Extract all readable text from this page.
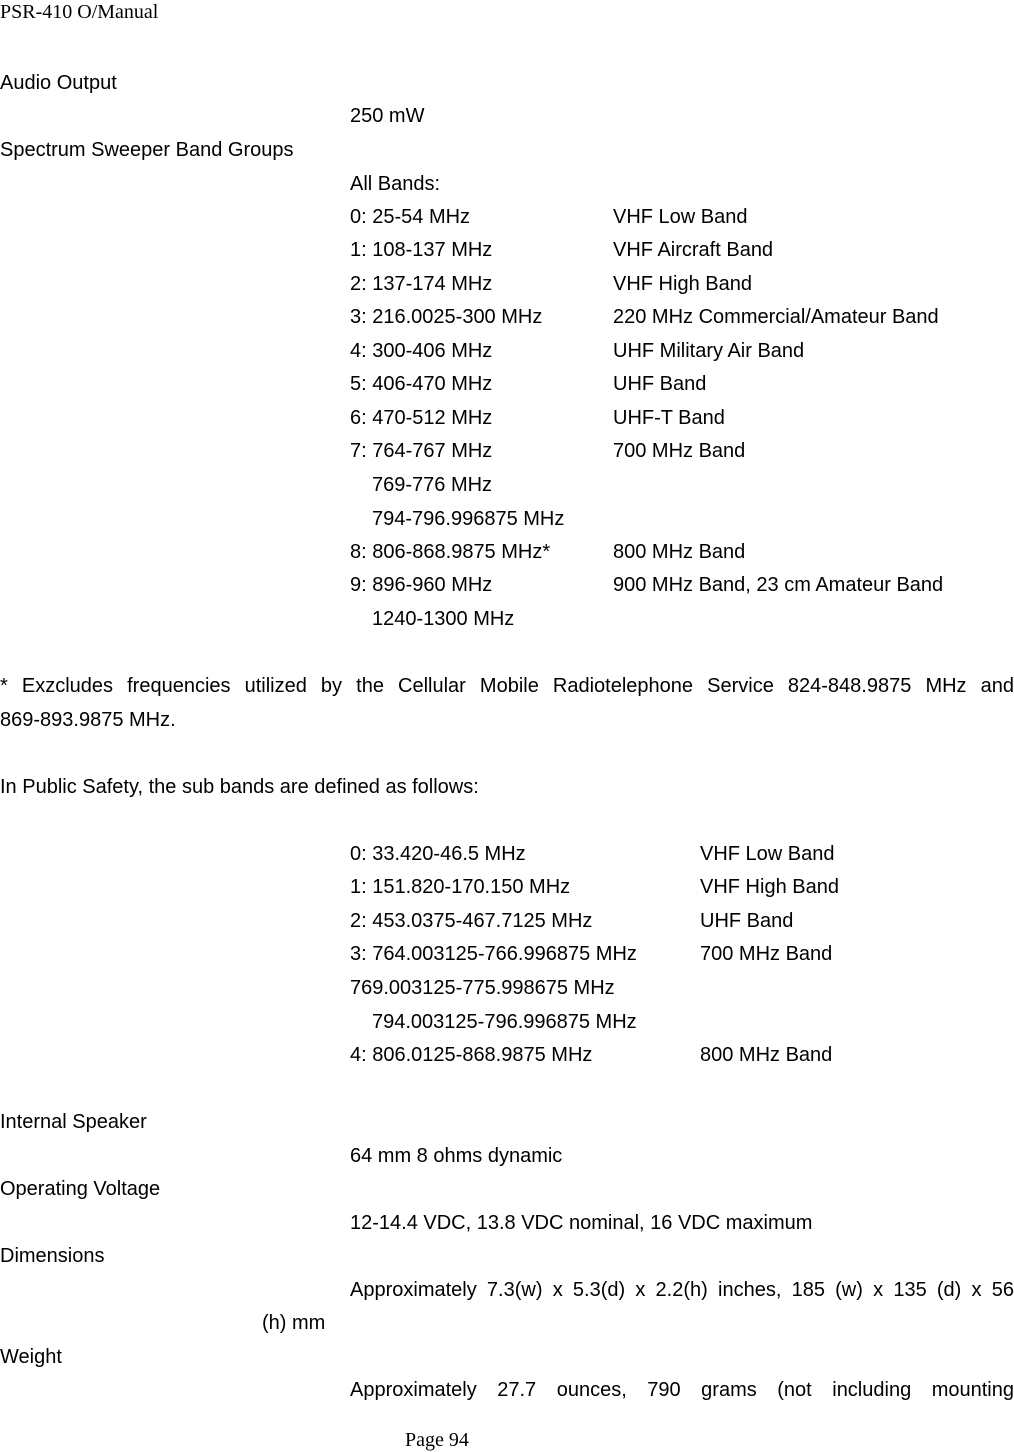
PSR-410 O/Manual
Audio Output
250 mW
Spectrum Sweeper Band Groups
All Bands:
0: 25-54 MHz	VHF Low Band
1: 108-137 MHz	VHF Aircraft Band
2: 137-174 MHz	VHF High Band
3: 216.0025-300 MHz	220 MHz Commercial/Amateur Band
4: 300-406 MHz	UHF Military Air Band
5: 406-470 MHz	UHF Band
6: 470-512 MHz	UHF-T Band
7: 764-767 MHz	700 MHz Band
769-776 MHz
794-796.996875 MHz
8: 806-868.9875 MHz*	800 MHz Band
9: 896-960 MHz	900 MHz Band, 23 cm Amateur Band
1240-1300 MHz
* Exzcludes frequencies utilized by the Cellular Mobile Radiotelephone Service 824-848.9875 MHz and
869-893.9875 MHz.
In Public Safety, the sub bands are defined as follows:
0: 33.420-46.5 MHz	VHF Low Band
1: 151.820-170.150 MHz	VHF High Band
2: 453.0375-467.7125 MHz	UHF Band
3: 764.003125-766.996875 MHz	700 MHz Band
769.003125-775.998675 MHz
794.003125-796.996875 MHz
4: 806.0125-868.9875 MHz	800 MHz Band
Internal Speaker
64 mm 8 ohms dynamic
Operating Voltage
12-14.4 VDC, 13.8 VDC nominal, 16 VDC maximum
Dimensions
Approximately 7.3(w) x 5.3(d) x 2.2(h) inches, 185 (w) x 135 (d) x 56
(h) mm
Weight
Approximately 27.7 ounces, 790 grams (not including mounting
Page 94
